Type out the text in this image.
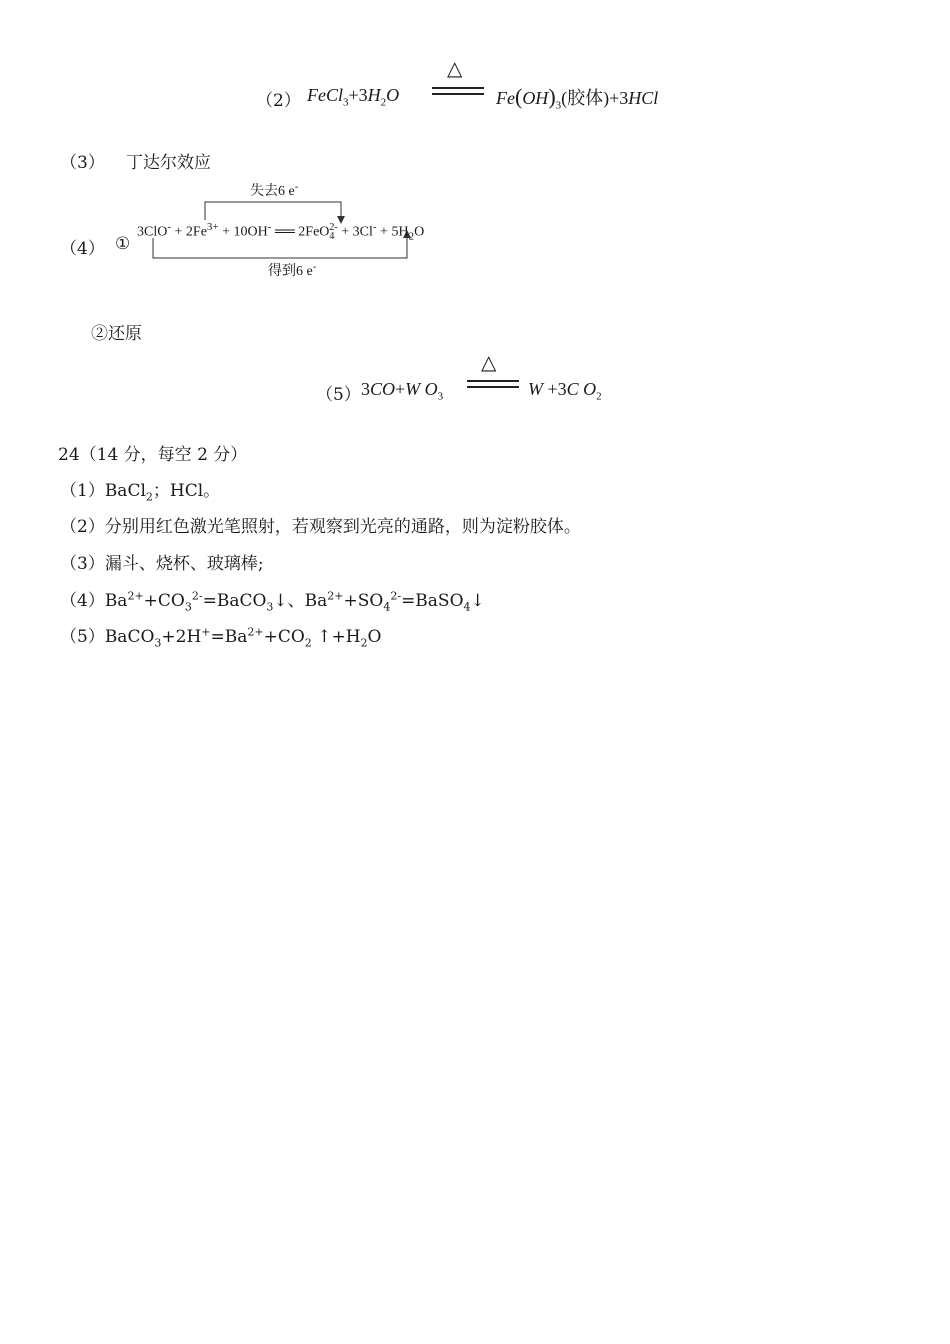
（2） $FeCl_3+3H_2O$
△
$Fe(OH)_3$(胶体)+3HCl
（3） 丁达尔效应
（4） ①
失去6 e-
得到6 e-
$3ClO^- + 2Fe^{3+} + 10OH^-$ ══ 2FeO 2-
$4 + 3Cl^- + 5H_2O$
②还原
（5） 3CO+W $O_3$
△
W +3C $O_2$
24（14 分，每空 2 分）
（1）BaCl$_2$；HCl。
（2）分别用红色激光笔照射，若观察到光亮的通路，则为淀粉胶体。
（3）漏斗、烧杯、玻璃棒;
$(4)Ba^{2+}+CO_3^{2-}=BaCO_3↓$、$Ba^{2+}+SO_4^{2-}=BaSO_4↓$
$(5)BaCO_3+2H^+=Ba^{2+}+CO_2$ $↑+H_2O$
